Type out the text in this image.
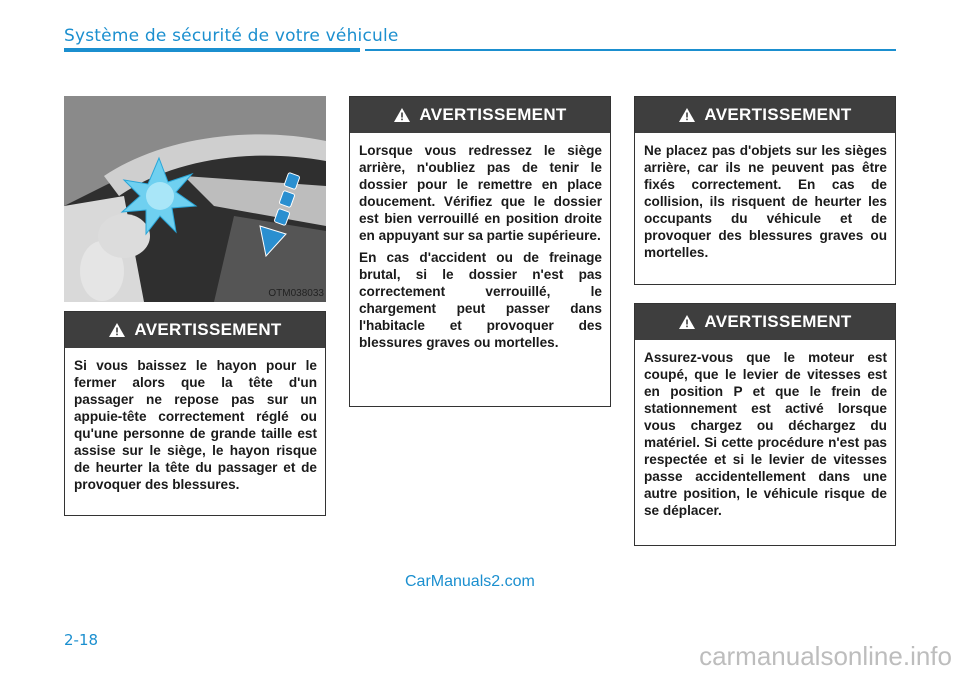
Système de sécurité de votre véhicule
OTM038033
AVERTISSEMENT

Si vous baissez le hayon pour le fermer alors que la tête d'un passager ne repose pas sur un appuie-tête correctement réglé ou qu'une personne de grande taille est assise sur le siège, le hayon risque de heurter la tête du passager et de provoquer des blessures.

AVERTISSEMENT

Lorsque vous redressez le siège arrière, n'oubliez pas de tenir le dossier pour le remettre en place doucement. Vérifiez que le dossier est bien verrouillé en position droite en appuyant sur sa partie supérieure.

En cas d'accident ou de freinage brutal, si le dossier n'est pas correctement verrouillé, le chargement peut passer dans l'habitacle et provoquer des blessures graves ou mortelles.

AVERTISSEMENT

Ne placez pas d'objets sur les sièges arrière, car ils ne peuvent pas être fixés correctement. En cas de collision, ils risquent de heurter les occupants du véhicule et de provoquer des blessures graves ou mortelles.

AVERTISSEMENT

Assurez-vous que le moteur est coupé, que le levier de vitesses est en position P et que le frein de stationnement est activé lorsque vous chargez ou déchargez du matériel. Si cette procédure n'est pas respectée et si le levier de vitesses passe accidentellement dans une autre position, le véhicule risque de se déplacer.

CarManuals2.com
2-18
carmanualsonline.info
